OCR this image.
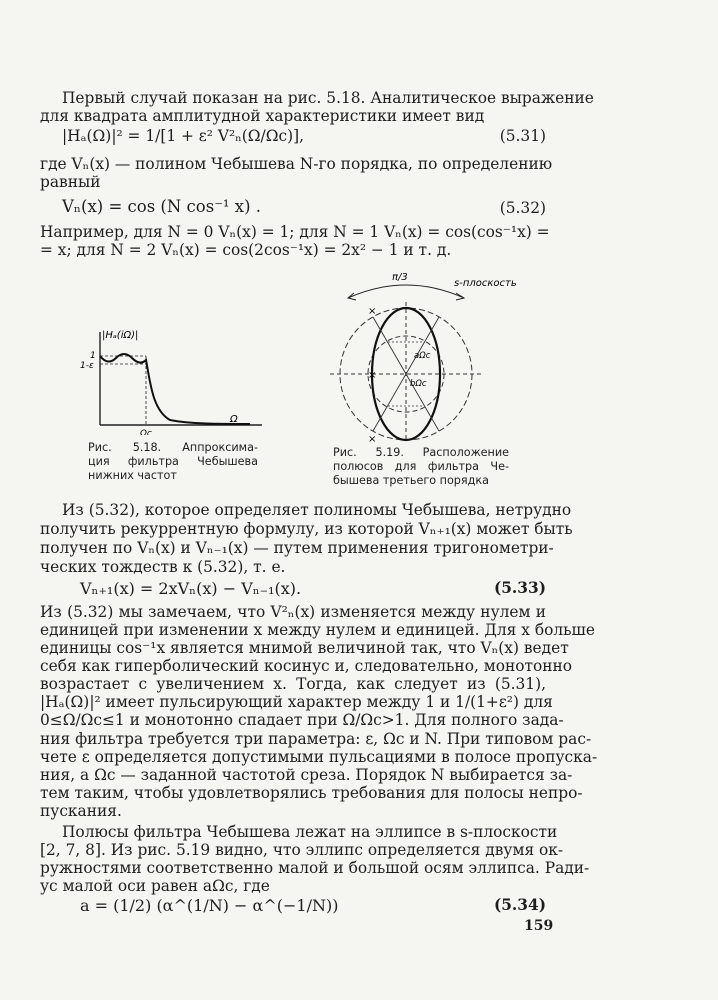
Первый случай показан на рис. 5.18. Аналитическое выражение
для квадрата амплитудной характеристики имеет вид
|Hₐ(Ω)|² = 1/[1 + ε² V²ₙ(Ω/Ωc)],	(5.31)
где Vₙ(x) — полином Чебышева N-го порядка, по определению
равный
Vₙ(x) = cos (N cos⁻¹ x) .	(5.32)
Например, для N = 0 Vₙ(x) = 1; для N = 1 Vₙ(x) = cos(cos⁻¹x) =
= x; для N = 2 Vₙ(x) = cos(2cos⁻¹x) = 2x² − 1 и т. д.
|Hₐ(iΩ)|
1
1-ε
Ωc
Ω
Рис. 5.18. Аппроксима-
ция фильтра Чебышева
нижних частот
π/3
s-плоскость
aΩc
bΩc
×
×
×
Рис. 5.19. Расположение
полюсов для фильтра Че-
бышева третьего порядка
Из (5.32), которое определяет полиномы Чебышева, нетрудно
получить рекуррентную формулу, из которой Vₙ₊₁(x) может быть
получен по Vₙ(x) и Vₙ₋₁(x) — путем применения тригонометри-
ческих тождеств к (5.32), т. е.
Vₙ₊₁(x) = 2xVₙ(x) − Vₙ₋₁(x).	(5.33)
Из (5.32) мы замечаем, что V²ₙ(x) изменяется между нулем и
единицей при изменении x между нулем и единицей. Для x больше
единицы cos⁻¹x является мнимой величиной так, что Vₙ(x) ведет
себя как гиперболический косинус и, следовательно, монотонно
возрастает с увеличением x. Тогда, как следует из (5.31),
|Hₐ(Ω)|² имеет пульсирующий характер между 1 и 1/(1+ε²) для
0≤Ω/Ωc≤1 и монотонно спадает при Ω/Ωc>1. Для полного зада-
ния фильтра требуется три параметра: ε, Ωc и N. При типовом рас-
чете ε определяется допустимыми пульсациями в полосе пропуска-
ния, а Ωc — заданной частотой среза. Порядок N выбирается за-
тем таким, чтобы удовлетворялись требования для полосы непро-
пускания.
Полюсы фильтра Чебышева лежат на эллипсе в s-плоскости
[2, 7, 8]. Из рис. 5.19 видно, что эллипс определяется двумя ок-
ружностями соответственно малой и большой осям эллипса. Ради-
ус малой оси равен aΩc, где
a = (1/2) (α^(1/N) − α^(−1/N))	(5.34)
159
